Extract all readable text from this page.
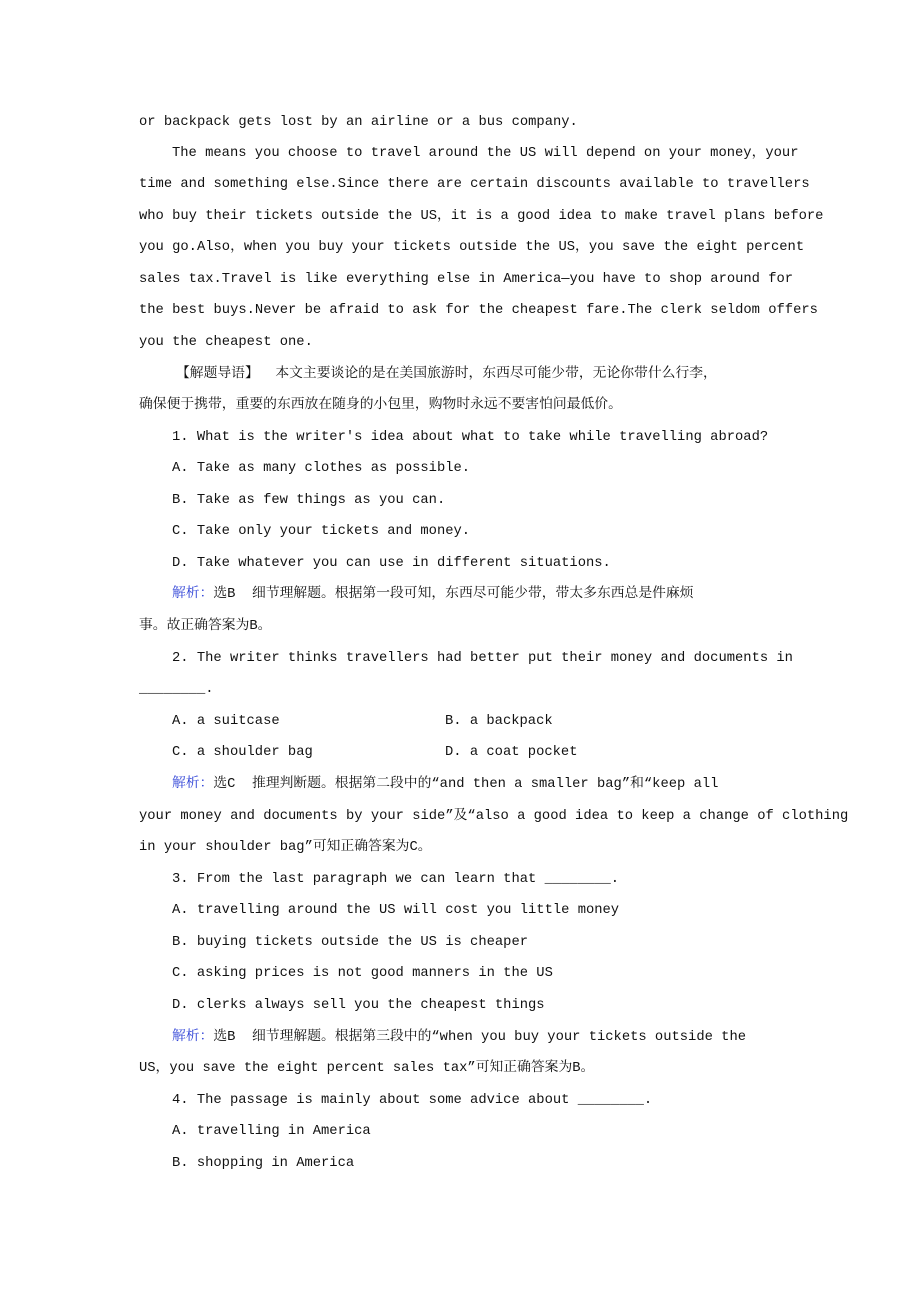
or backpack gets lost by an airline or a bus company.
The means you choose to travel around the US will depend on your money，your
time and something else.Since there are certain discounts available to travellers
who buy their tickets outside the US，it is a good idea to make travel plans before
you go.Also，when you buy your tickets outside the US，you save the eight percent
sales tax.Travel is like everything else in America—you have to shop around for
the best buys.Never be afraid to ask for the cheapest fare.The clerk seldom offers
you the cheapest one.
【解题导语】  本文主要谈论的是在美国旅游时，东西尽可能少带，无论你带什么行李，
确保便于携带，重要的东西放在随身的小包里，购物时永远不要害怕问最低价。
1. What is the writer's idea about what to take while travelling abroad?
A. Take as many clothes as possible.
B. Take as few things as you can.
C. Take only your tickets and money.
D. Take whatever you can use in different situations.
解析：选B  细节理解题。根据第一段可知，东西尽可能少带，带太多东西总是件麻烦
事。故正确答案为B。
2. The writer thinks travellers had better put their money and documents in
________.
A. a suitcase	B. a backpack
C. a shoulder bag	D. a coat pocket
解析：选C  推理判断题。根据第二段中的“and then a smaller bag”和“keep all
your money and documents by your side”及“also a good idea to keep a change of clothing
in your shoulder bag”可知正确答案为C。
3. From the last paragraph we can learn that ________.
A. travelling around the US will cost you little money
B. buying tickets outside the US is cheaper
C. asking prices is not good manners in the US
D. clerks always sell you the cheapest things
解析：选B  细节理解题。根据第三段中的“when you buy your tickets outside the
US，you save the eight percent sales tax”可知正确答案为B。
4. The passage is mainly about some advice about ________.
A. travelling in America
B. shopping in America
